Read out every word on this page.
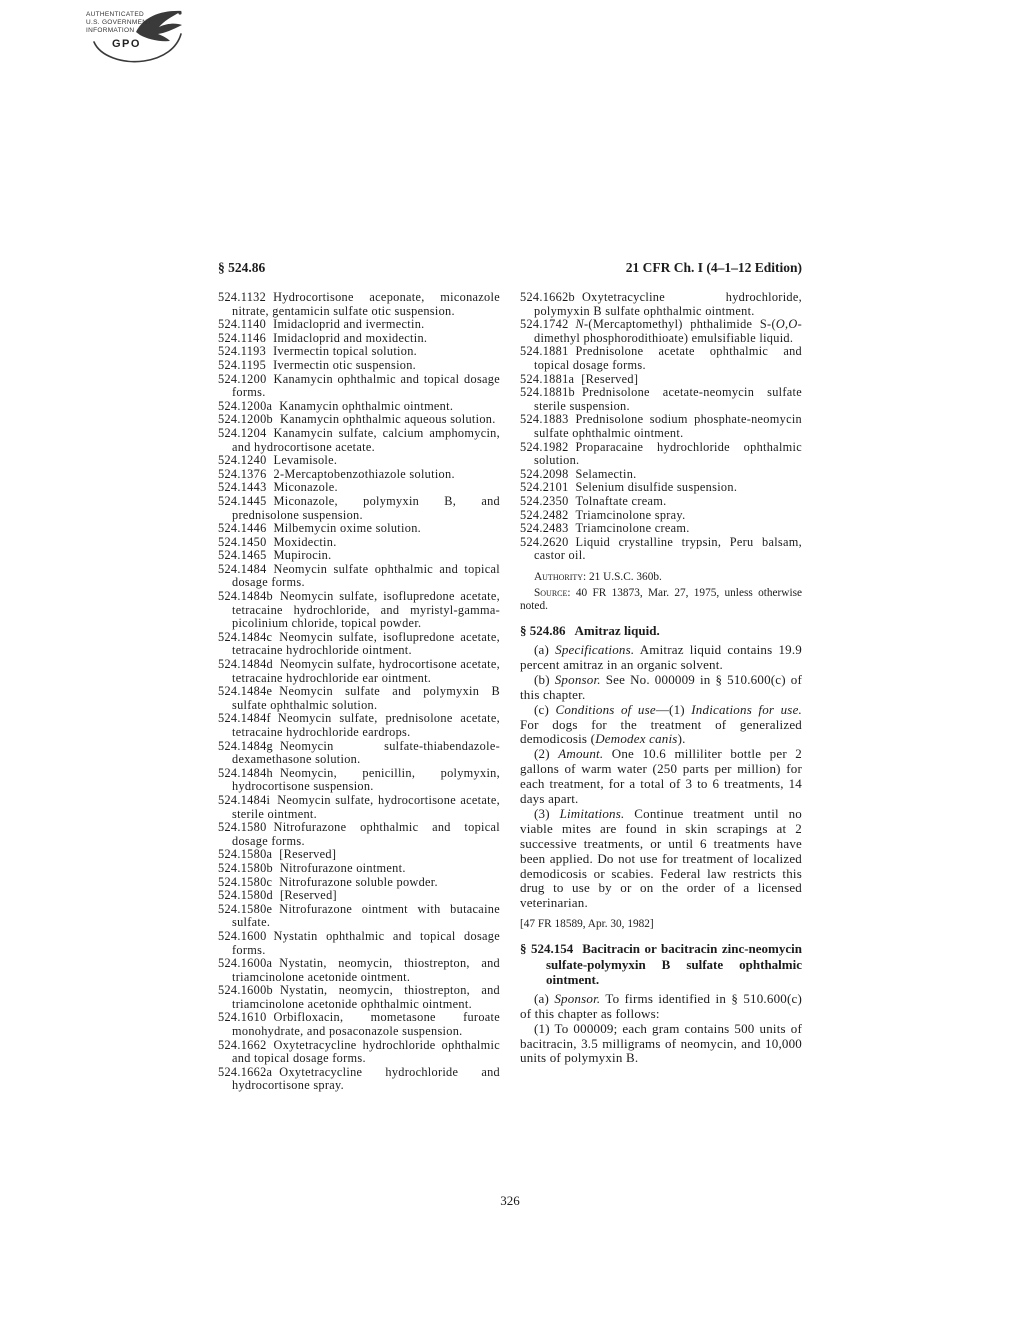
AUTHENTICATED
U.S. GOVERNMENT
INFORMATION
GPO
§ 524.86	21 CFR Ch. I (4–1–12 Edition)
524.1132 Hydrocortisone aceponate, miconazole nitrate, gentamicin sulfate otic suspension.
524.1140 Imidacloprid and ivermectin.
524.1146 Imidacloprid and moxidectin.
524.1193 Ivermectin topical solution.
524.1195 Ivermectin otic suspension.
524.1200 Kanamycin ophthalmic and topical dosage forms.
524.1200a Kanamycin ophthalmic ointment.
524.1200b Kanamycin ophthalmic aqueous solution.
524.1204 Kanamycin sulfate, calcium amphomycin, and hydrocortisone acetate.
524.1240 Levamisole.
524.1376 2-Mercaptobenzothiazole solution.
524.1443 Miconazole.
524.1445 Miconazole, polymyxin B, and prednisolone suspension.
524.1446 Milbemycin oxime solution.
524.1450 Moxidectin.
524.1465 Mupirocin.
524.1484 Neomycin sulfate ophthalmic and topical dosage forms.
524.1484b Neomycin sulfate, isoflupredone acetate, tetracaine hydrochloride, and myristyl-gamma-picolinium chloride, topical powder.
524.1484c Neomycin sulfate, isoflupredone acetate, tetracaine hydrochloride ointment.
524.1484d Neomycin sulfate, hydrocortisone acetate, tetracaine hydrochloride ear ointment.
524.1484e Neomycin sulfate and polymyxin B sulfate ophthalmic solution.
524.1484f Neomycin sulfate, prednisolone acetate, tetracaine hydrochloride eardrops.
524.1484g Neomycin sulfate-thiabendazole-dexamethasone solution.
524.1484h Neomycin, penicillin, polymyxin, hydrocortisone suspension.
524.1484i Neomycin sulfate, hydrocortisone acetate, sterile ointment.
524.1580 Nitrofurazone ophthalmic and topical dosage forms.
524.1580a [Reserved]
524.1580b Nitrofurazone ointment.
524.1580c Nitrofurazone soluble powder.
524.1580d [Reserved]
524.1580e Nitrofurazone ointment with butacaine sulfate.
524.1600 Nystatin ophthalmic and topical dosage forms.
524.1600a Nystatin, neomycin, thiostrepton, and triamcinolone acetonide ointment.
524.1600b Nystatin, neomycin, thiostrepton, and triamcinolone acetonide ophthalmic ointment.
524.1610 Orbifloxacin, mometasone furoate monohydrate, and posaconazole suspension.
524.1662 Oxytetracycline hydrochloride ophthalmic and topical dosage forms.
524.1662a Oxytetracycline hydrochloride and hydrocortisone spray.
524.1662b Oxytetracycline hydrochloride, polymyxin B sulfate ophthalmic ointment.
524.1742 N-(Mercaptomethyl) phthalimide S-(O,O-dimethyl phosphorodithioate) emulsifiable liquid.
524.1881 Prednisolone acetate ophthalmic and topical dosage forms.
524.1881a [Reserved]
524.1881b Prednisolone acetate-neomycin sulfate sterile suspension.
524.1883 Prednisolone sodium phosphate-neomycin sulfate ophthalmic ointment.
524.1982 Proparacaine hydrochloride ophthalmic solution.
524.2098 Selamectin.
524.2101 Selenium disulfide suspension.
524.2350 Tolnaftate cream.
524.2482 Triamcinolone spray.
524.2483 Triamcinolone cream.
524.2620 Liquid crystalline trypsin, Peru balsam, castor oil.

Authority: 21 U.S.C. 360b.

Source: 40 FR 13873, Mar. 27, 1975, unless otherwise noted.

§ 524.86 Amitraz liquid.

(a) Specifications. Amitraz liquid contains 19.9 percent amitraz in an organic solvent.

(b) Sponsor. See No. 000009 in § 510.600(c) of this chapter.

(c) Conditions of use—(1) Indications for use. For dogs for the treatment of generalized demodicosis (Demodex canis).

(2) Amount. One 10.6 milliliter bottle per 2 gallons of warm water (250 parts per million) for each treatment, for a total of 3 to 6 treatments, 14 days apart.

(3) Limitations. Continue treatment until no viable mites are found in skin scrapings at 2 successive treatments, or until 6 treatments have been applied. Do not use for treatment of localized demodicosis or scabies. Federal law restricts this drug to use by or on the order of a licensed veterinarian.

[47 FR 18589, Apr. 30, 1982]

§ 524.154 Bacitracin or bacitracin zinc-neomycin sulfate-polymyxin B sulfate ophthalmic ointment.

(a) Sponsor. To firms identified in § 510.600(c) of this chapter as follows:

(1) To 000009; each gram contains 500 units of bacitracin, 3.5 milligrams of neomycin, and 10,000 units of polymyxin B.

326
